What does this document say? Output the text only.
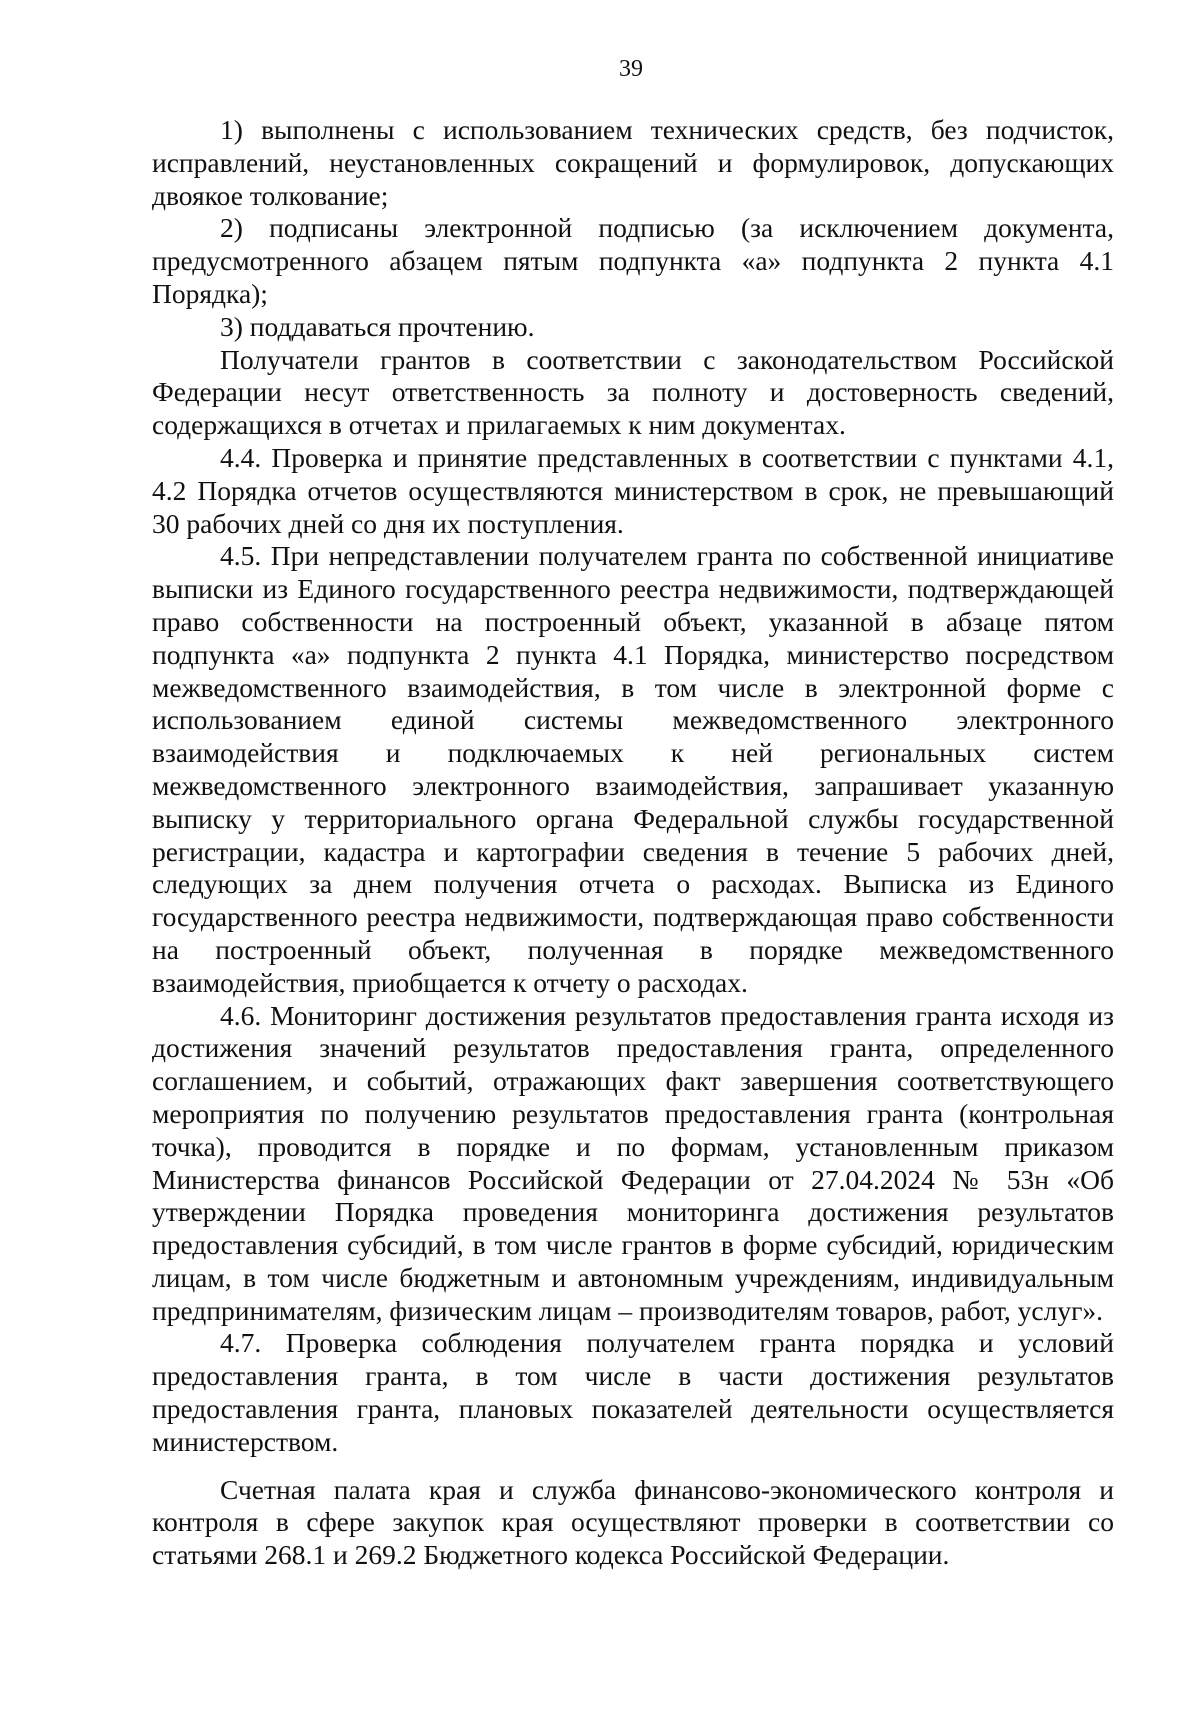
39

1) выполнены с использованием технических средств, без подчисток, исправлений, неустановленных сокращений и формулировок, допускающих двоякое толкование;

2) подписаны электронной подписью (за исключением документа, предусмотренного абзацем пятым подпункта «а» подпункта 2 пункта 4.1 Порядка);

3) поддаваться прочтению.

Получатели грантов в соответствии с законодательством Российской Федерации несут ответственность за полноту и достоверность сведений, содержащихся в отчетах и прилагаемых к ним документах.

4.4. Проверка и принятие представленных в соответствии с пунктами 4.1, 4.2 Порядка отчетов осуществляются министерством в срок, не превышающий 30 рабочих дней со дня их поступления.

4.5. При непредставлении получателем гранта по собственной инициативе выписки из Единого государственного реестра недвижимости, подтверждающей право собственности на построенный объект, указанной в абзаце пятом подпункта «а» подпункта 2 пункта 4.1 Порядка, министерство посредством межведомственного взаимодействия, в том числе в электронной форме с использованием единой системы межведомственного электронного взаимодействия и подключаемых к ней региональных систем межведомственного электронного взаимодействия, запрашивает указанную выписку у территориального органа Федеральной службы государственной регистрации, кадастра и картографии сведения в течение 5 рабочих дней, следующих за днем получения отчета о расходах. Выписка из Единого государственного реестра недвижимости, подтверждающая право собственности на построенный объект, полученная в порядке межведомственного взаимодействия, приобщается к отчету о расходах.

4.6. Мониторинг достижения результатов предоставления гранта исходя из достижения значений результатов предоставления гранта, определенного соглашением, и событий, отражающих факт завершения соответствующего мероприятия по получению результатов предоставления гранта (контрольная точка), проводится в порядке и по формам, установленным приказом Министерства финансов Российской Федерации от 27.04.2024 № 53н «Об утверждении Порядка проведения мониторинга достижения результатов предоставления субсидий, в том числе грантов в форме субсидий, юридическим лицам, в том числе бюджетным и автономным учреждениям, индивидуальным предпринимателям, физическим лицам – производителям товаров, работ, услуг».

4.7. Проверка соблюдения получателем гранта порядка и условий предоставления гранта, в том числе в части достижения результатов предоставления гранта, плановых показателей деятельности осуществляется министерством.

Счетная палата края и служба финансово-экономического контроля и контроля в сфере закупок края осуществляют проверки в соответствии со статьями 268.1 и 269.2 Бюджетного кодекса Российской Федерации.
